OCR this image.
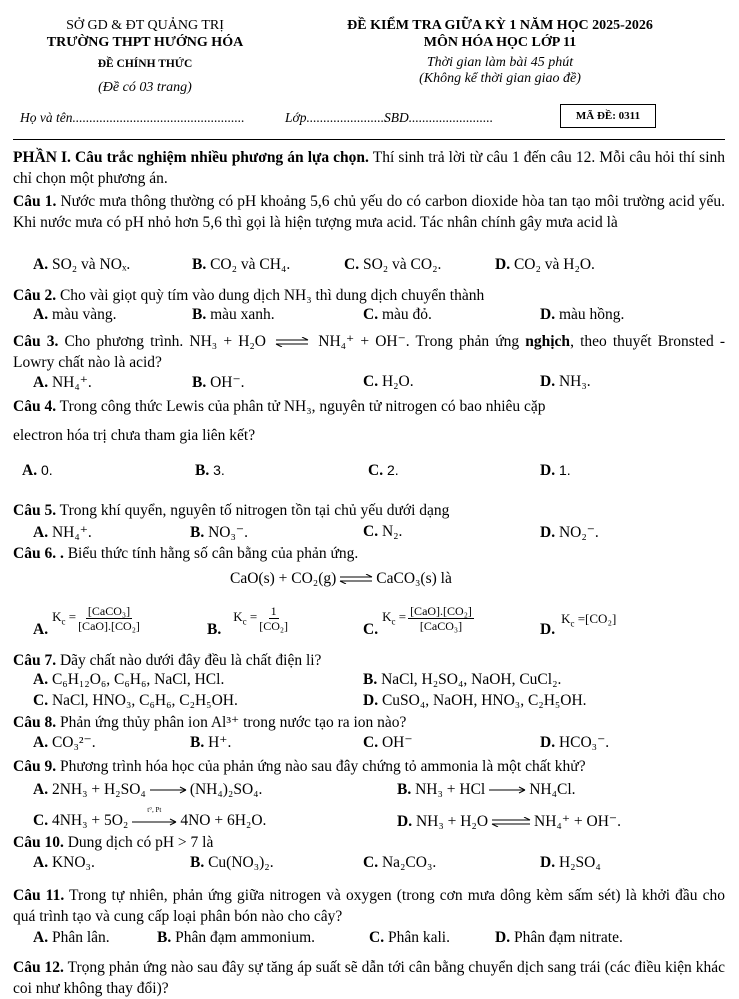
SỞ GD & ĐT QUẢNG TRỊ
TRƯỜNG THPT HƯỚNG HÓA
ĐỀ CHÍNH THỨC
(Đề có 03 trang)
ĐỀ KIỂM TRA GIỮA KỲ 1 NĂM HỌC 2025-2026
MÔN HÓA HỌC LỚP 11
Thời gian làm bài 45 phút
(Không kể thời gian giao đề)
Họ và tên...................................................	Lớp........................
SBD.........................	MÃ ĐỀ: 0311
PHẦN I. Câu trắc nghiệm nhiều phương án lựa chọn. Thí sinh trả lời từ câu 1 đến câu 12. Mỗi câu hỏi thí sinh chỉ chọn một phương án.
Câu 1. Nước mưa thông thường có pH khoảng 5,6 chủ yếu do có carbon dioxide hòa tan tạo môi trường acid yếu. Khi nước mưa có pH nhỏ hơn 5,6 thì gọi là hiện tượng mưa acid. Tác nhân chính gây mưa acid là
A. SO₂ và NOₓ.	B. CO₂ và CH₄.	C. SO₂ và CO₂.	D. CO₂ và H₂O.
Câu 2. Cho vài giọt quỳ tím vào dung dịch NH₃ thì dung dịch chuyển thành
A. màu vàng.	B. màu xanh.	C. màu đỏ.	D. màu hồng.
Câu 3. Cho phương trình. NH₃ + H₂O ⇌ NH₄⁺ + OH⁻. Trong phản ứng nghịch, theo thuyết Bronsted - Lowry chất nào là acid?
A. NH₄⁺.	B. OH⁻.	C. H₂O.	D. NH₃.
Câu 4. Trong công thức Lewis của phân tử NH₃, nguyên tử nitrogen có bao nhiêu cặp
electron hóa trị chưa tham gia liên kết?
A. 0.	B. 3.	C. 2.	D. 1.
Câu 5. Trong khí quyển, nguyên tố nitrogen tồn tại chủ yếu dưới dạng
A. NH₄⁺.	B. NO₃⁻.	C. N₂.	D. NO₂⁻.
Câu 6. . Biểu thức tính hằng số cân bằng của phản ứng.
CaO(s) + CO₂(g) ⇌ CaCO₃(s) là
A.
$K_c = \frac{\text{[CaCO₃]}}{\text{[CaO].[CO₂]}}$	B.
$K_c = \frac{1}{\text{[CO₂]}}$	C.
$K_c = \frac{\text{[CaO].[CO₂]}}{\text{[CaCO₃]}}$	D.
$K_c =[CO_2]$
Câu 7. Dãy chất nào dưới đây đều là chất điện li?
A. C₆H₁₂O₆, C₆H₆, NaCl, HCl.	B. NaCl, H₂SO₄, NaOH, CuCl₂.
C. NaCl, HNO₃, C₆H₆, C₂H₅OH.	D. CuSO₄, NaOH, HNO₃, C₂H₅OH.
Câu 8. Phản ứng thủy phân ion Al³⁺ trong nước tạo ra ion nào?
A. CO₃²⁻.	B. H⁺.	C. OH⁻	D. HCO₃⁻.
Câu 9. Phương trình hóa học của phản ứng nào sau đây chứng tỏ ammonia là một chất khử?
A. 2NH₃ + H₂SO₄	(NH₄)₂SO₄.	B. NH₃ + HCl	NH₄Cl.
C. 4NH₃ + 5O₂
t°, Pt
4NO + 6H₂O.	D. NH₃ + H₂O ⇌ NH₄⁺ + OH⁻.
Câu 10. Dung dịch có pH > 7 là
A. KNO₃.	B. Cu(NO₃)₂.	C. Na₂CO₃.	D. H₂SO₄
Câu 11. Trong tự nhiên, phản ứng giữa nitrogen và oxygen (trong cơn mưa dông kèm sấm sét) là khởi đầu cho quá trình tạo và cung cấp loại phân bón nào cho cây?
A. Phân lân.	B. Phân đạm ammonium.	C. Phân kali.	D. Phân đạm nitrate.
Câu 12. Trọng phản ứng nào sau đây sự tăng áp suất sẽ dẫn tới cân bằng chuyển dịch sang trái (các điều kiện khác coi như không thay đổi)?
